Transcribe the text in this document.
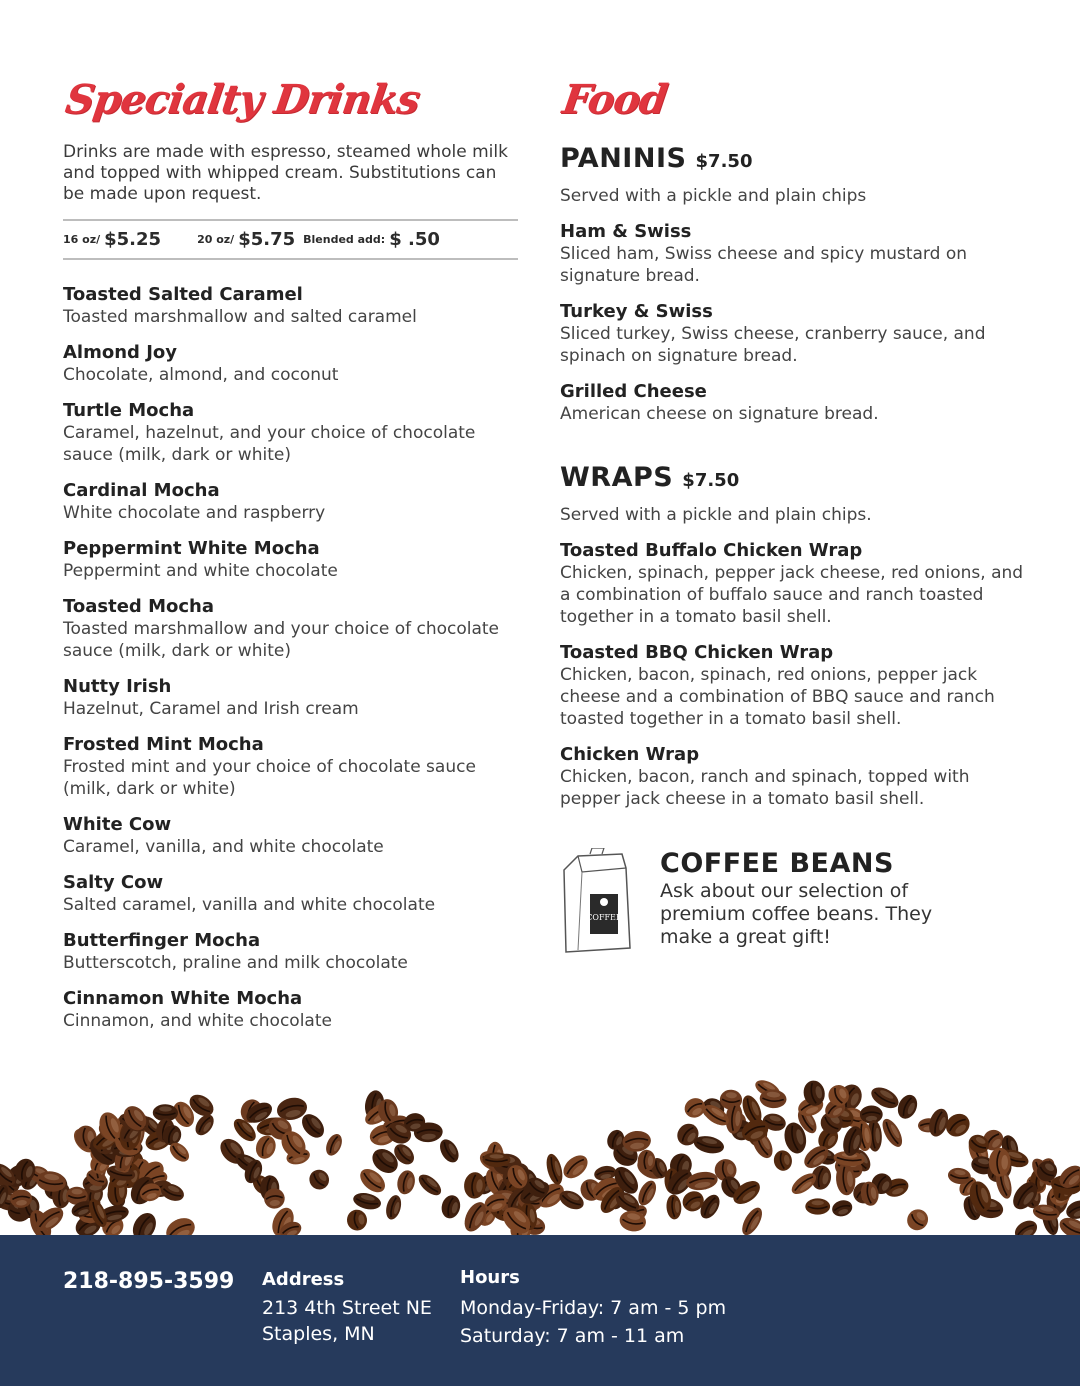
Specialty Drinks

Drinks are made with espresso, steamed whole milk and topped with whipped cream. Substitutions can be made upon request.

16 oz/ $5.25	20 oz/ $5.75 Blended add: $ .50
Toasted Salted Caramel
Toasted marshmallow and salted caramel
Almond Joy
Chocolate, almond, and coconut
Turtle Mocha
Caramel, hazelnut, and your choice of chocolate sauce (milk, dark or white)
Cardinal Mocha
White chocolate and raspberry
Peppermint White Mocha
Peppermint and white chocolate
Toasted Mocha
Toasted marshmallow and your choice of chocolate sauce (milk, dark or white)
Nutty Irish
Hazelnut, Caramel and Irish cream
Frosted Mint Mocha
Frosted mint and your choice of chocolate sauce (milk, dark or white)
White Cow
Caramel, vanilla, and white chocolate
Salty Cow
Salted caramel, vanilla and white chocolate
Butterfinger Mocha
Butterscotch, praline and milk chocolate
Cinnamon White Mocha
Cinnamon, and white chocolate
Food
PANINIS $7.50
Served with a pickle and plain chips
Ham & Swiss
Sliced ham, Swiss cheese and spicy mustard on signature bread.
Turkey & Swiss
Sliced turkey, Swiss cheese, cranberry sauce, and spinach on signature bread.
Grilled Cheese
American cheese on signature bread.
WRAPS $7.50
Served with a pickle and plain chips.
Toasted Buffalo Chicken Wrap
Chicken, spinach, pepper jack cheese, red onions, and a combination of buffalo sauce and ranch toasted together in a tomato basil shell.
Toasted BBQ Chicken Wrap
Chicken, bacon, spinach, red onions, pepper jack cheese and a combination of BBQ sauce and ranch toasted together in a tomato basil shell.
Chicken Wrap
Chicken, bacon, ranch and spinach, topped with pepper jack cheese in a tomato basil shell.
COFFEE
COFFEE BEANS
Ask about our selection of premium coffee beans. They make a great gift!
218-895-3599 Address
213 4th Street NE
Staples, MN
Hours
Monday-Friday: 7 am - 5 pm
Saturday: 7 am - 11 am
